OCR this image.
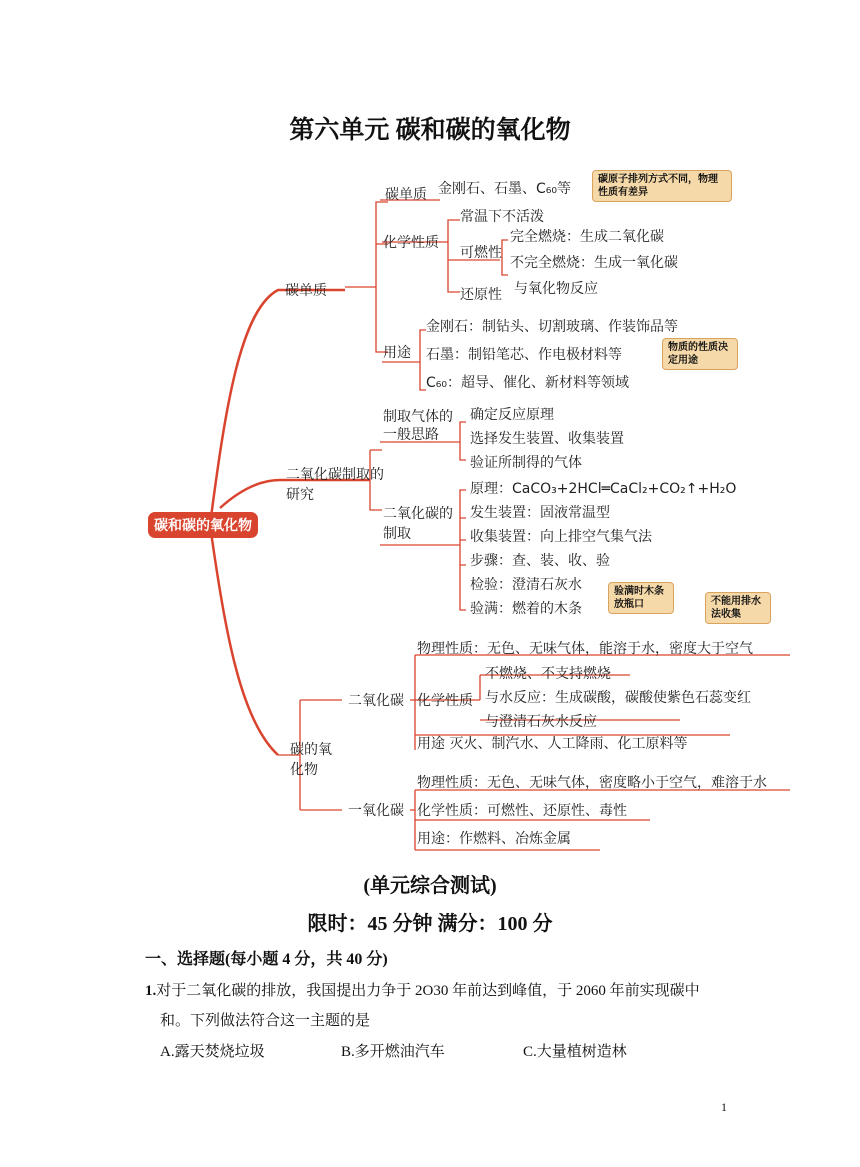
第六单元 碳和碳的氧化物
碳和碳的氧化物
碳单质
碳单质 金刚石、石墨、C₆₀等
碳原子排列方式不同，物理性质有差异
化学性质
常温下不活泼
可燃性
完全燃烧：生成二氧化碳
不完全燃烧：生成一氧化碳
还原性 与氧化物反应
用途
金刚石：制钻头、切割玻璃、作装饰品等
石墨：制铅笔芯、作电极材料等
C₆₀：超导、催化、新材料等领域
物质的性质决定用途
二氧化碳制取的研究
制取气体的一般思路
确定反应原理
选择发生装置、收集装置
验证所制得的气体
二氧化碳的制取
原理：CaCO₃+2HCl═CaCl₂+CO₂↑+H₂O
发生装置：固液常温型
收集装置：向上排空气集气法
步骤：查、装、收、验
检验：澄清石灰水
验满：燃着的木条
验满时木条放瓶口	不能用排水法收集
碳的氧化物
二氧化碳
物理性质：无色、无味气体，能溶于水，密度大于空气
化学性质
不燃烧、不支持燃烧
与水反应：生成碳酸，碳酸使紫色石蕊变红
与澄清石灰水反应
用途 灭火、制汽水、人工降雨、化工原料等
一氧化碳
物理性质：无色、无味气体，密度略小于空气，难溶于水
化学性质：可燃性、还原性、毒性
用途：作燃料、冶炼金属
(单元综合测试)
限时：45 分钟 满分：100 分
一、选择题(每小题 4 分，共 40 分)
1.对于二氧化碳的排放，我国提出力争于 2O30 年前达到峰值，于 2060 年前实现碳中
和。下列做法符合这一主题的是
A.露天焚烧垃圾	B.多开燃油汽车	C.大量植树造林
1
